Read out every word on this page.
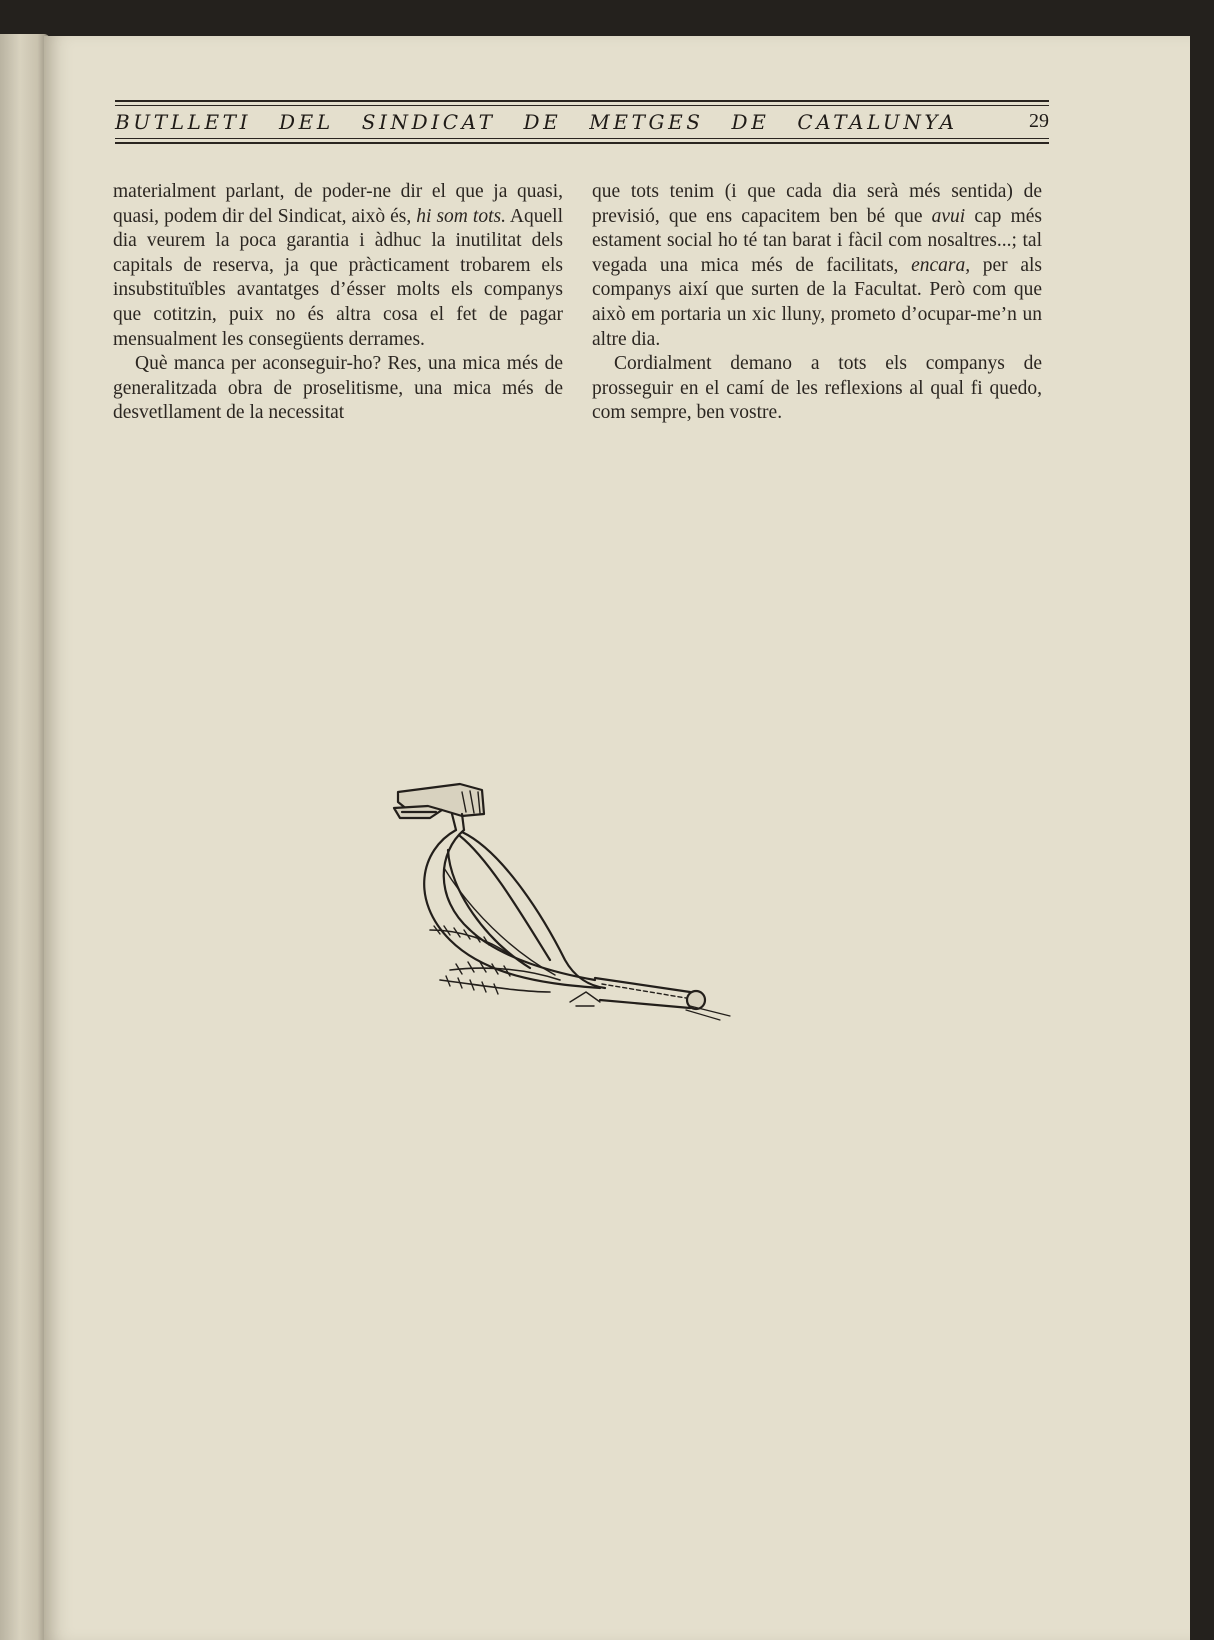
BUTLLETI DEL SINDICAT DE METGES DE CATALUNYA	29

materialment parlant, de poder-ne dir el que ja quasi, quasi, podem dir del Sindicat, això és, hi som tots. Aquell dia veurem la poca garantia i àdhuc la inutilitat dels capitals de reserva, ja que pràcticament trobarem els insubstituïbles avantatges d’ésser molts els companys que cotitzin, puix no és altra cosa el fet de pagar mensualment les consegüents derrames.

Què manca per aconseguir-ho? Res, una mica més de generalitzada obra de proselitisme, una mica més de desvetllament de la necessitat

que tots tenim (i que cada dia serà més sentida) de previsió, que ens capacitem ben bé que avui cap més estament social ho té tan barat i fàcil com nosaltres...; tal vegada una mica més de facilitats, encara, per als companys així que surten de la Facultat. Però com que això em portaria un xic lluny, prometo d’ocupar-me’n un altre dia.

Cordialment demano a tots els companys de prosseguir en el camí de les reflexions al qual fi quedo, com sempre, ben vostre.
